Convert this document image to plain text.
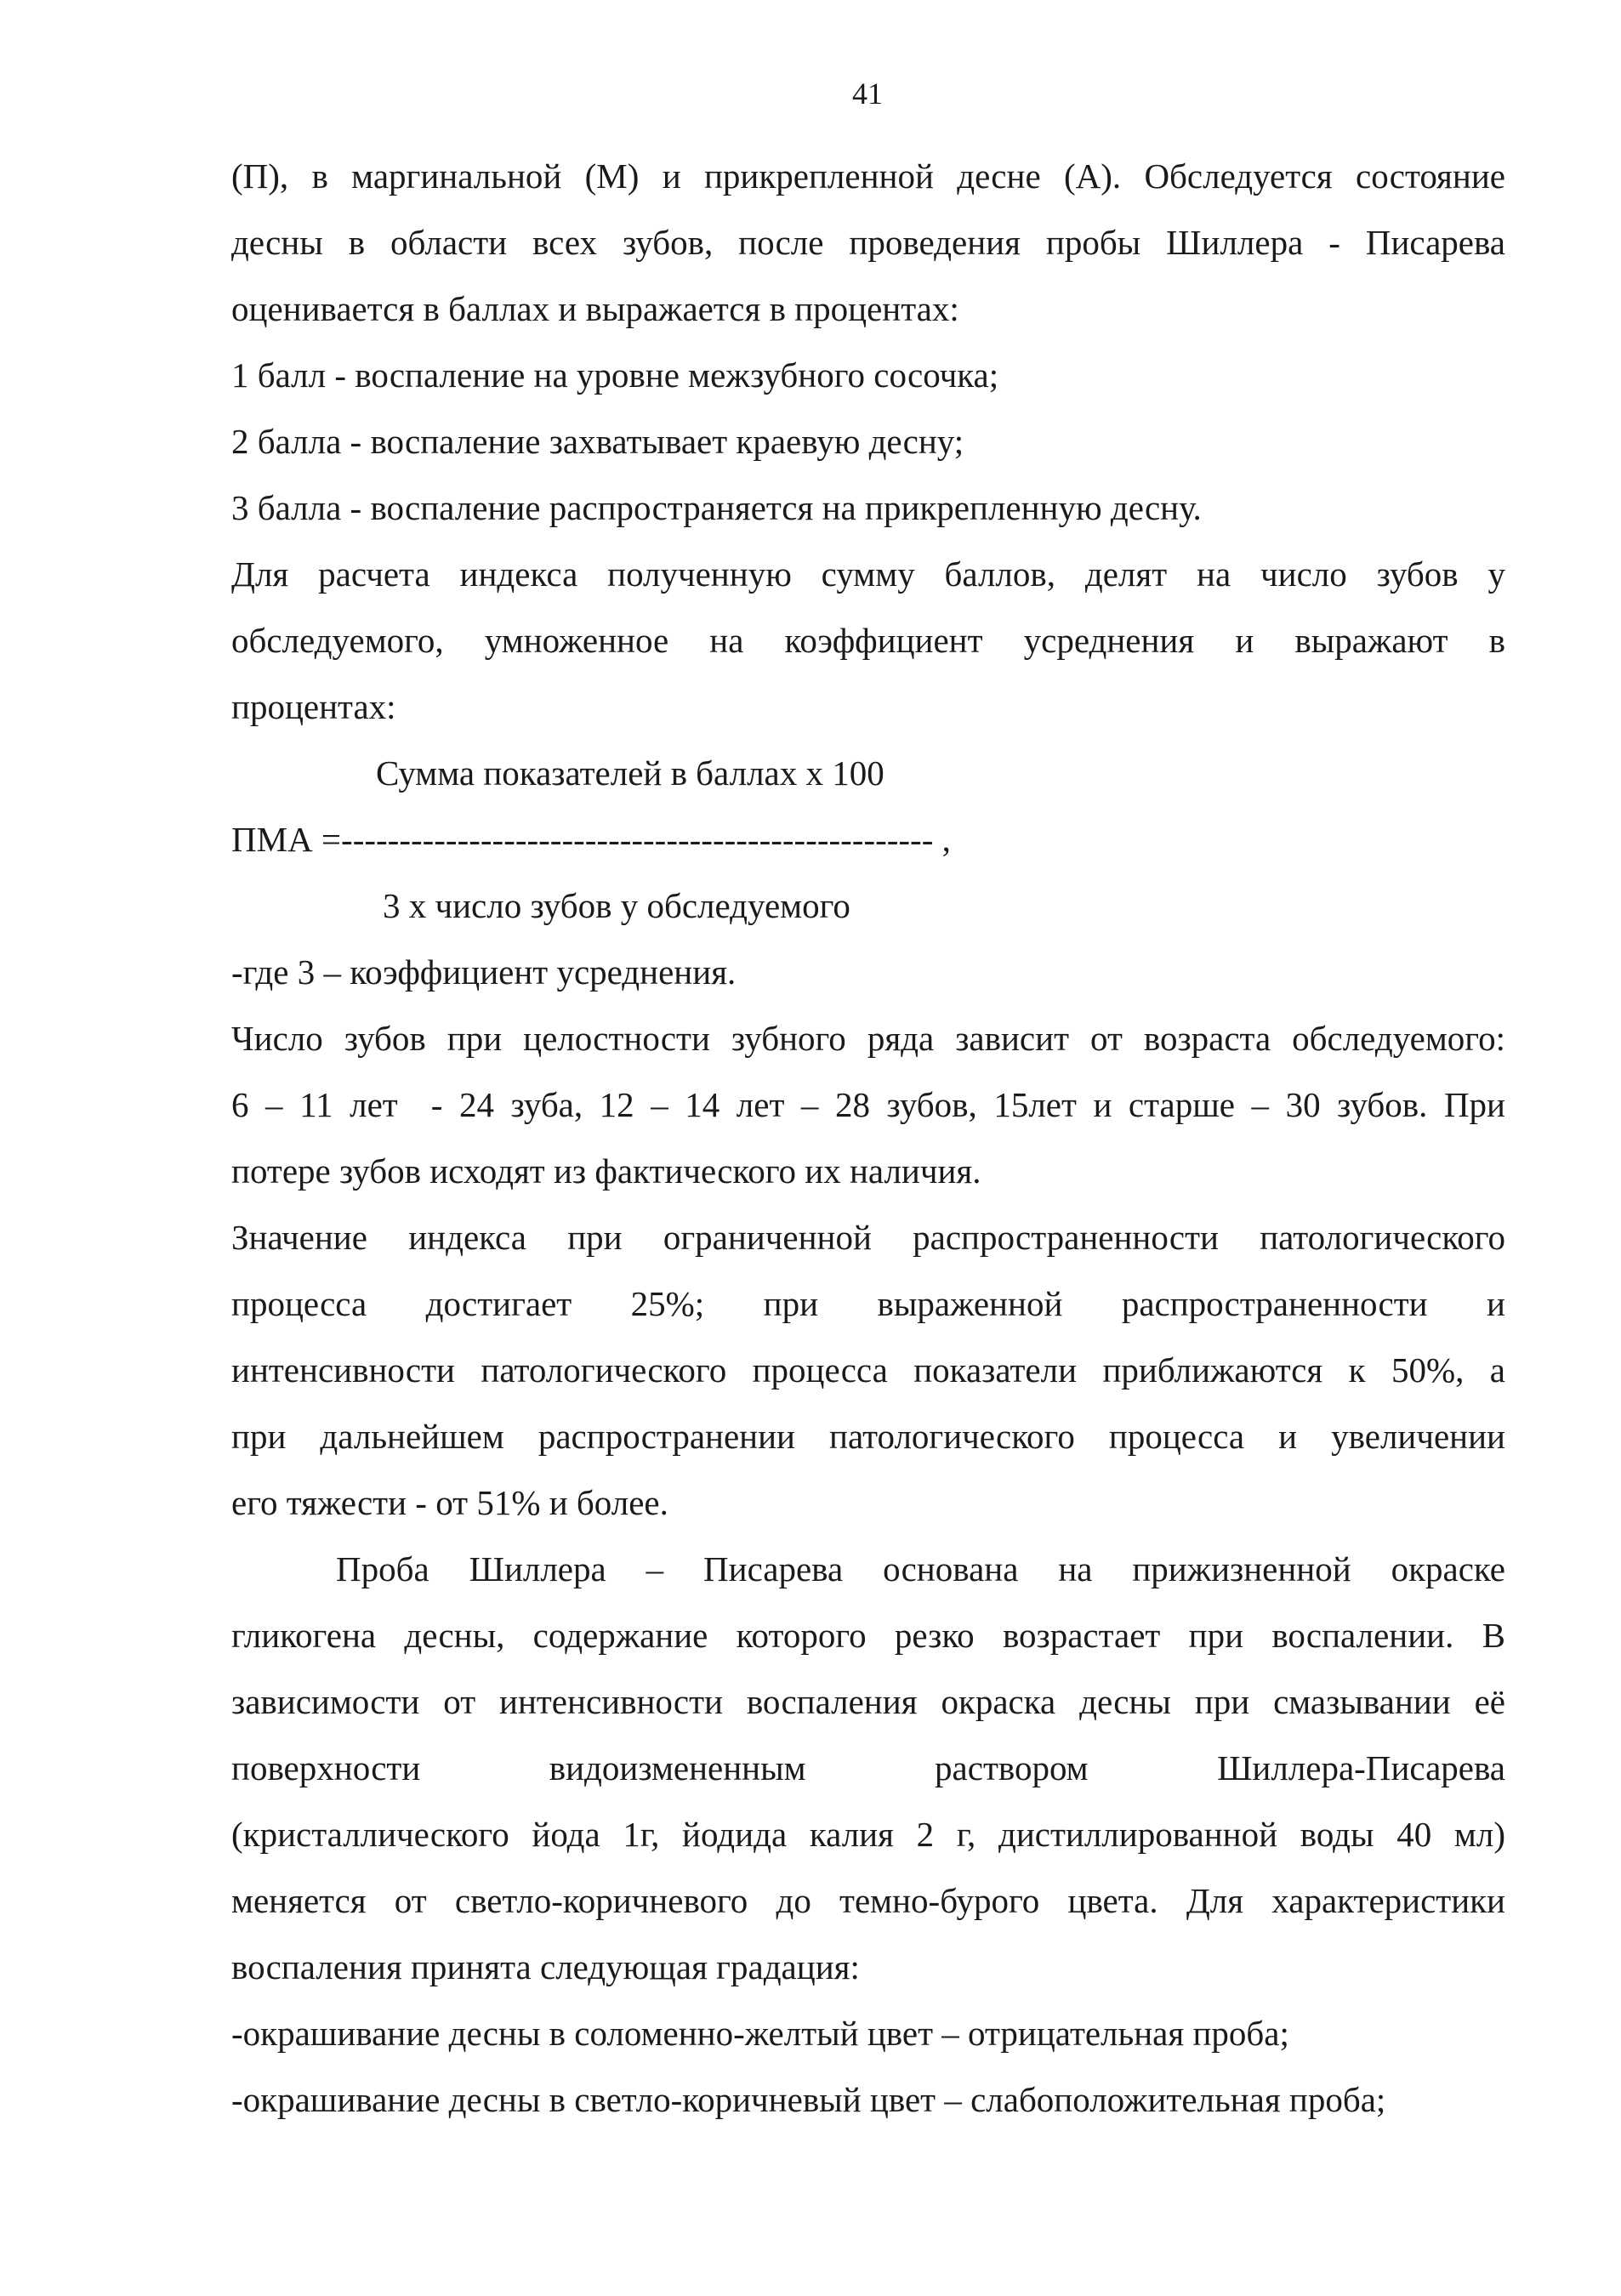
41

(П), в маргинальной (М) и прикрепленной десне (А). Обследуется состояние

десны в области всех зубов, после проведения пробы Шиллера - Писарева

оценивается в баллах и выражается в процентах:

1 балл - воспаление на уровне межзубного сосочка;

2 балла - воспаление захватывает краевую десну;

3 балла - воспаление распространяется на прикрепленную десну.

Для расчета индекса полученную сумму баллов, делят на число зубов у

обследуемого, умноженное на коэффициент усреднения и выражают в

процентах:

Сумма показателей в баллах х 100

ПМА =--------------------------------------------------- ,

3 х число зубов у обследуемого

-где 3 – коэффициент усреднения.

Число зубов при целостности зубного ряда зависит от возраста обследуемого:

6 – 11 лет  - 24 зуба, 12 – 14 лет – 28 зубов, 15лет и старше – 30 зубов. При

потере зубов исходят из фактического их наличия.

Значение индекса при ограниченной распространенности патологического

процесса достигает 25%; при выраженной распространенности и

интенсивности патологического процесса показатели приближаются к 50%, а

при дальнейшем распространении патологического процесса и увеличении

его тяжести - от 51% и более.

Проба Шиллера – Писарева основана на прижизненной окраске

гликогена десны, содержание которого резко возрастает при воспалении. В

зависимости от интенсивности воспаления окраска десны при смазывании её

поверхности видоизмененным раствором Шиллера-Писарева

(кристаллического йода 1г, йодида калия 2 г, дистиллированной воды 40 мл)

меняется от светло-коричневого до темно-бурого цвета. Для характеристики

воспаления принята следующая градация:

-окрашивание десны в соломенно-желтый цвет – отрицательная проба;

-окрашивание десны в светло-коричневый цвет – слабоположительная проба;
